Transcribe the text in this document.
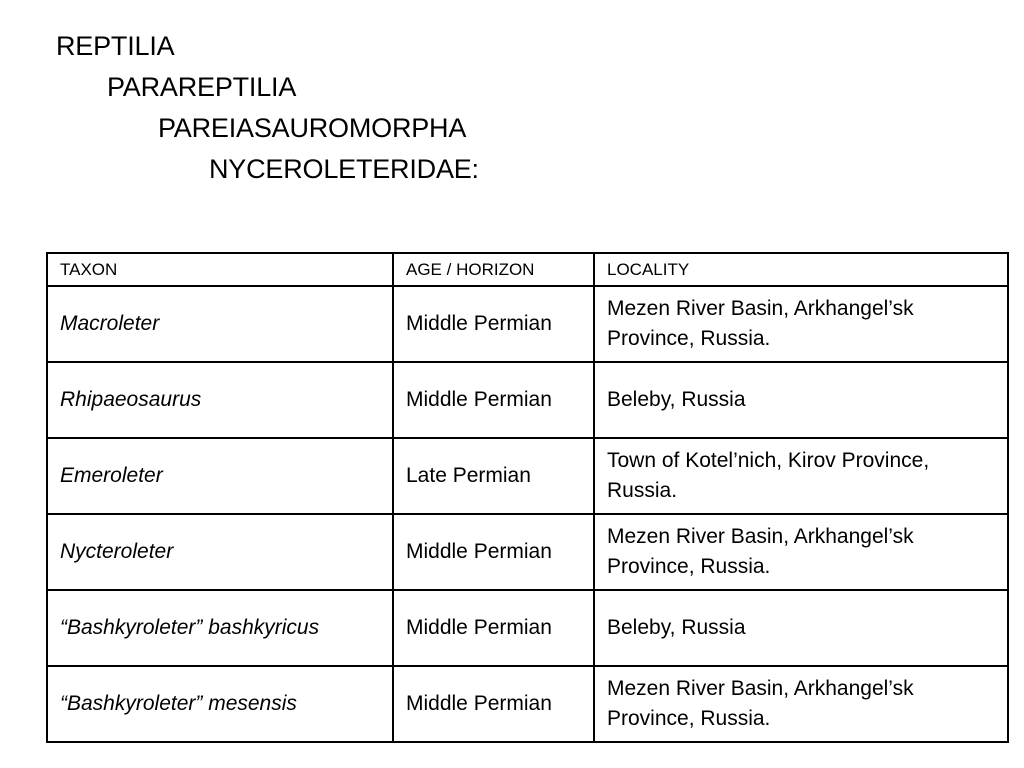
REPTILIA
PARAREPTILIA
PAREIASAUROMORPHA
NYCEROLETERIDAE:
TAXON	AGE / HORIZON	LOCALITY
Macroleter	Middle Permian	Mezen River Basin, Arkhangel’sk Province, Russia.
Rhipaeosaurus	Middle Permian	Beleby, Russia
Emeroleter	Late Permian	Town of Kotel’nich, Kirov Province, Russia.
Nycteroleter	Middle Permian	Mezen River Basin, Arkhangel’sk Province, Russia.
“Bashkyroleter” bashkyricus	Middle Permian	Beleby, Russia
“Bashkyroleter” mesensis	Middle Permian	Mezen River Basin, Arkhangel’sk Province, Russia.
